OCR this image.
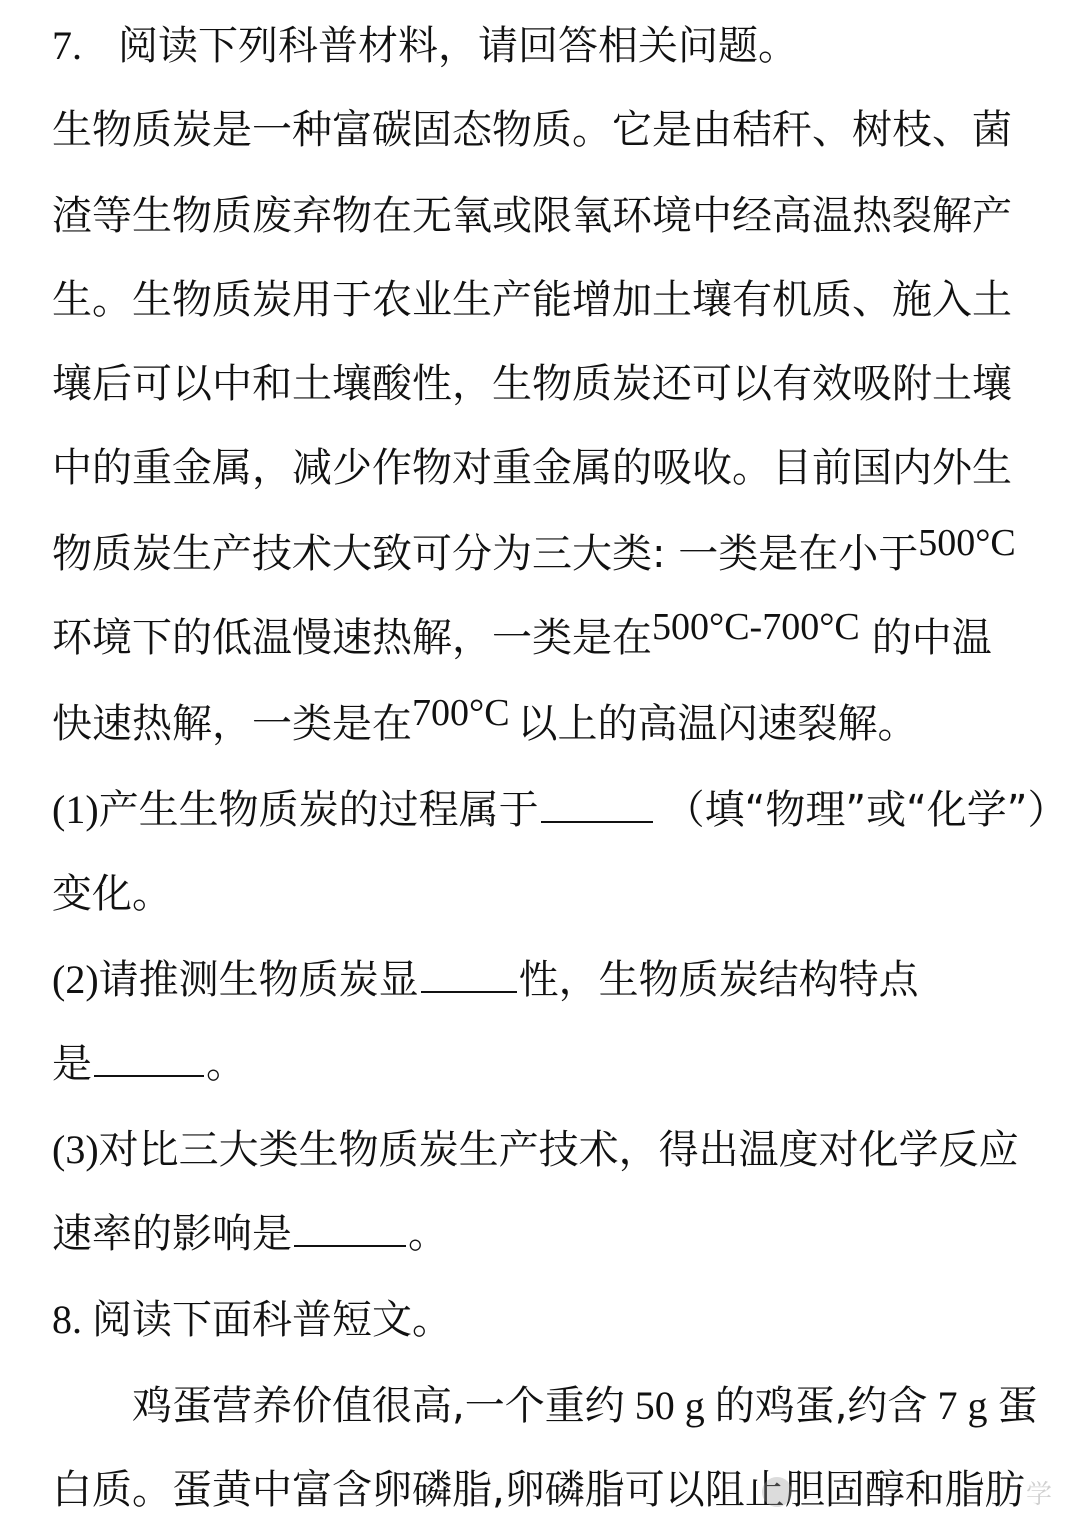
7. 阅读下列科普材料，请回答相关问题。
生物质炭是一种富碳固态物质。它是由秸秆、树枝、菌
渣等生物质废弃物在无氧或限氧环境中经高温热裂解产
生。生物质炭用于农业生产能增加土壤有机质、施入土
壤后可以中和土壤酸性，生物质炭还可以有效吸附土壤
中的重金属，减少作物对重金属的吸收。目前国内外生
物质炭生产技术大致可分为三大类: 一类是在小于500°C
环境下的低温慢速热解，一类是在500°C-700°C 的中温
快速热解，一类是在700°C 以上的高温闪速裂解。
(1)产生生物质炭的过程属于	（填“物理”或“化学”）
变化。
(2)请推测生物质炭显	性，生物质炭结构特点
是	。
(3)对比三大类生物质炭生产技术，得出温度对化学反应
速率的影响是	。
8. 阅读下面科普短文。
鸡蛋营养价值很高,一个重约 50 g 的鸡蛋,约含 7 g 蛋
白质。蛋黄中富含卵磷脂,卵磷脂可以阻止胆固醇和脂肪 学
